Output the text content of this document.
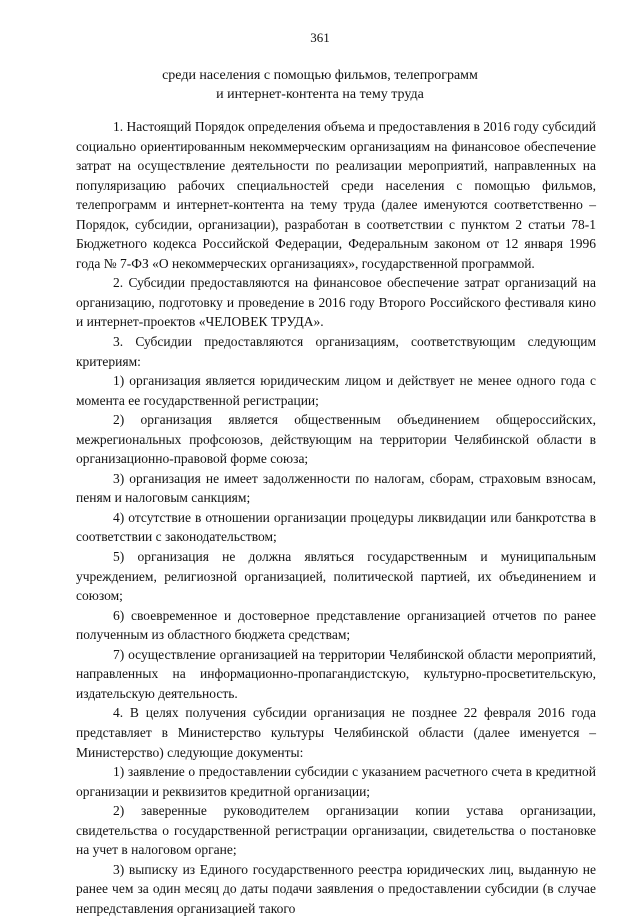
361
среди населения с помощью фильмов, телепрограмм
и интернет-контента на тему труда

1. Настоящий Порядок определения объема и предоставления в 2016 году субсидий социально ориентированным некоммерческим организациям на финансовое обеспечение затрат на осуществление деятельности по реализации мероприятий, направленных на популяризацию рабочих специальностей среди населения с помощью фильмов, телепрограмм и интернет-контента на тему труда (далее именуются соответственно – Порядок, субсидии, организации), разработан в соответствии с пунктом 2 статьи 78-1 Бюджетного кодекса Российской Федерации, Федеральным законом от 12 января 1996 года № 7-ФЗ «О некоммерческих организациях», государственной программой.

2. Субсидии предоставляются на финансовое обеспечение затрат организаций на организацию, подготовку и проведение в 2016 году Второго Российского фестиваля кино и интернет-проектов «ЧЕЛОВЕК ТРУДА».

3. Субсидии предоставляются организациям, соответствующим следующим критериям:

1) организация является юридическим лицом и действует не менее одного года с момента ее государственной регистрации;

2) организация является общественным объединением общероссийских, межрегиональных профсоюзов, действующим на территории Челябинской области в организационно-правовой форме союза;

3) организация не имеет задолженности по налогам, сборам, страховым взносам, пеням и налоговым санкциям;

4) отсутствие в отношении организации процедуры ликвидации или банкротства в соответствии с законодательством;

5) организация не должна являться государственным и муниципальным учреждением, религиозной организацией, политической партией, их объединением и союзом;

6) своевременное и достоверное представление организацией отчетов по ранее полученным из областного бюджета средствам;

7) осуществление организацией на территории Челябинской области мероприятий, направленных на информационно-пропагандистскую, культурно-просветительскую, издательскую деятельность.

4. В целях получения субсидии организация не позднее 22 февраля 2016 года представляет в Министерство культуры Челябинской области (далее именуется – Министерство) следующие документы:

1) заявление о предоставлении субсидии с указанием расчетного счета в кредитной организации и реквизитов кредитной организации;

2) заверенные руководителем организации копии устава организации, свидетельства о государственной регистрации организации, свидетельства о постановке на учет в налоговом органе;

3) выписку из Единого государственного реестра юридических лиц, выданную не ранее чем за один месяц до даты подачи заявления о предоставлении субсидии (в случае непредставления организацией такого
